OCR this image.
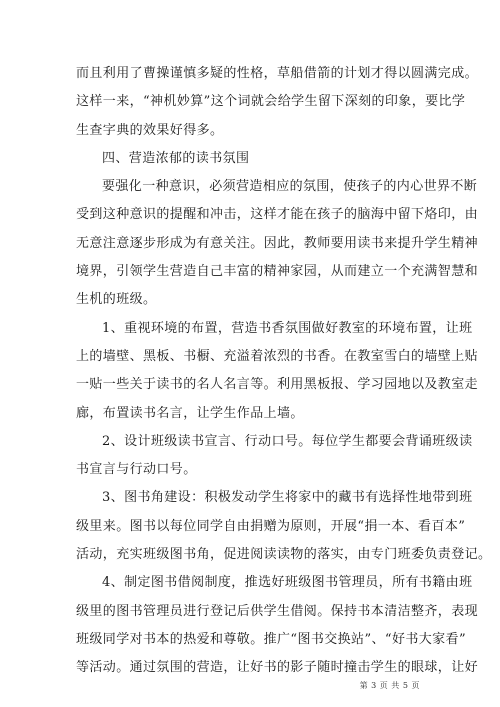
而且利用了曹操谨慎多疑的性格，草船借箭的计划才得以圆满完成。
这样一来，“神机妙算”这个词就会给学生留下深刻的印象，要比学
生查字典的效果好得多。
四、营造浓郁的读书氛围
要强化一种意识，必须营造相应的氛围，使孩子的内心世界不断
受到这种意识的提醒和冲击，这样才能在孩子的脑海中留下烙印，由
无意注意逐步形成为有意关注。因此，教师要用读书来提升学生精神
境界，引领学生营造自己丰富的精神家园，从而建立一个充满智慧和
生机的班级。
1、重视环境的布置，营造书香氛围做好教室的环境布置，让班
上的墙壁、黑板、书橱、充溢着浓烈的书香。在教室雪白的墙壁上贴
一贴一些关于读书的名人名言等。利用黑板报、学习园地以及教室走
廊，布置读书名言，让学生作品上墙。
2、设计班级读书宣言、行动口号。每位学生都要会背诵班级读
书宣言与行动口号。
3、图书角建设：积极发动学生将家中的藏书有选择性地带到班
级里来。图书以每位同学自由捐赠为原则，开展“捐一本、看百本”
活动，充实班级图书角，促进阅读读物的落实，由专门班委负责登记。
4、制定图书借阅制度，推选好班级图书管理员，所有书籍由班
级里的图书管理员进行登记后供学生借阅。保持书本清洁整齐，表现
班级同学对书本的热爱和尊敬。推广“图书交换站”、“好书大家看”
等活动。通过氛围的营造，让好书的影子随时撞击学生的眼球，让好
第 3 页 共 5 页
